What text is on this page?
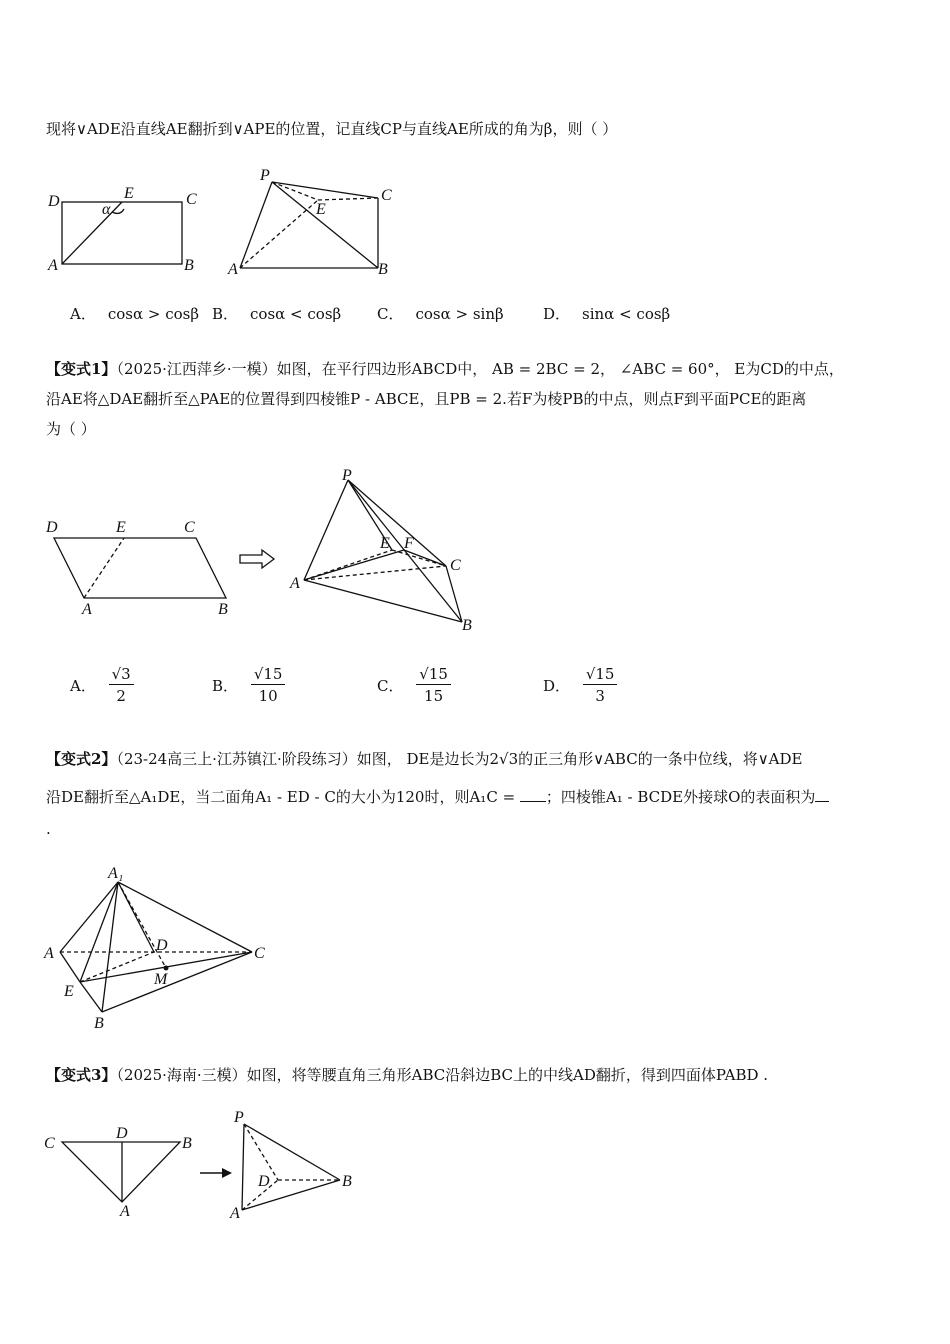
现将∨ADE沿直线AE翻折到∨APE的位置，记直线CP与直线AE所成的角为β，则（ ）
D	E	C
α
A	B
P
C
E
A	B
A． cosα > cosβ B． cosα < cosβ C． cosα > sinβ	D． sinα < cosβ
【变式1】（2025·江西萍乡·一模）如图，在平行四边形ABCD中， AB = 2BC = 2， ∠ABC = 60°， E为CD的中点，
沿AE将△DAE翻折至△PAE的位置得到四棱锥P - ABCE，且PB = 2.若F为棱PB的中点，则点F到平面PCE的距离
为（ ）
D	E	C
A	B
P
E F
C
A
B
A． $\frac{√3}{2}$	B． $\frac{√15}{10}$	C． $\frac{√15}{15}$	D． $\frac{√15}{3}$
【变式2】（23-24高三上·江苏镇江·阶段练习）如图， DE是边长为2√3的正三角形∨ABC的一条中位线，将∨ADE
沿DE翻折至△A₁DE，当二面角A₁ - ED - C的大小为120时，则A₁C = ；四棱锥A₁ - BCDE外接球O的表面积为
.
A₁
A	D	C
E
M
B
【变式3】（2025·海南·三模）如图，将等腰直角三角形ABC沿斜边BC上的中线AD翻折，得到四面体PABD .
C
D
B
A
P
D	B
A
